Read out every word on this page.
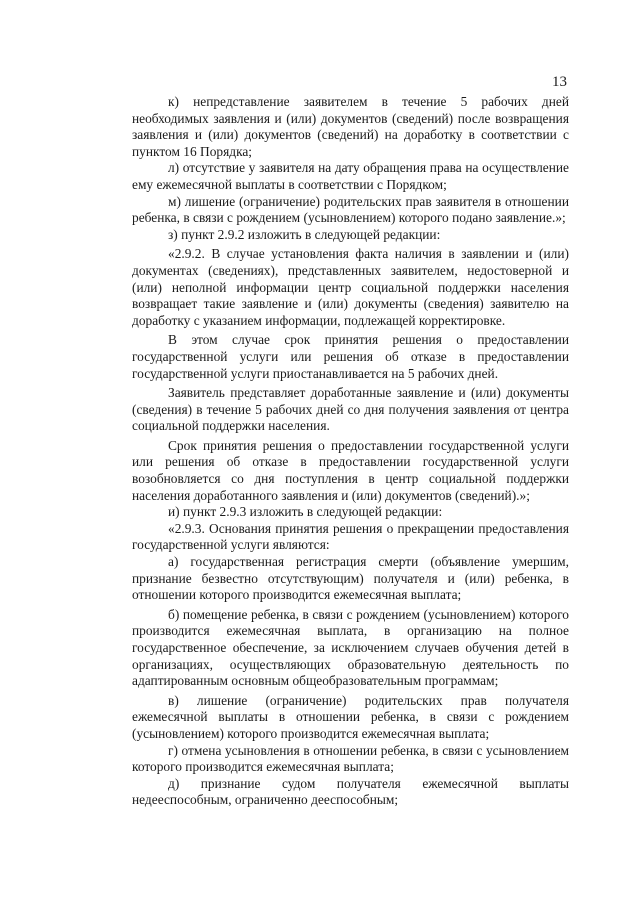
13

к) непредставление заявителем в течение 5 рабочих дней необходимых заявления и (или) документов (сведений) после возвращения заявления и (или) документов (сведений) на доработку в соответствии с пунктом 16 Порядка;

л) отсутствие у заявителя на дату обращения права на осуществление ему ежемесячной выплаты в соответствии с Порядком;

м) лишение (ограничение) родительских прав заявителя в отношении ребенка, в связи с рождением (усыновлением) которого подано заявление.»;

з) пункт 2.9.2 изложить в следующей редакции:

«2.9.2. В случае установления факта наличия в заявлении и (или) документах (сведениях), представленных заявителем, недостоверной и (или) неполной информации центр социальной поддержки населения возвращает такие заявление и (или) документы (сведения) заявителю на доработку с указанием информации, подлежащей корректировке.

В этом случае срок принятия решения о предоставлении государственной услуги или решения об отказе в предоставлении государственной услуги приостанавливается на 5 рабочих дней.

Заявитель представляет доработанные заявление и (или) документы (сведения) в течение 5 рабочих дней со дня получения заявления от центра социальной поддержки населения.

Срок принятия решения о предоставлении государственной услуги или решения об отказе в предоставлении государственной услуги возобновляется со дня поступления в центр социальной поддержки населения доработанного заявления и (или) документов (сведений).»;

и) пункт 2.9.3 изложить в следующей редакции:

«2.9.3. Основания принятия решения о прекращении предоставления государственной услуги являются:

а) государственная регистрация смерти (объявление умершим, признание безвестно отсутствующим) получателя и (или) ребенка, в отношении которого производится ежемесячная выплата;

б) помещение ребенка, в связи с рождением (усыновлением) которого производится ежемесячная выплата, в организацию на полное государственное обеспечение, за исключением случаев обучения детей в организациях, осуществляющих образовательную деятельность по адаптированным основным общеобразовательным программам;

в) лишение (ограничение) родительских прав получателя ежемесячной выплаты в отношении ребенка, в связи с рождением (усыновлением) которого производится ежемесячная выплата;

г) отмена усыновления в отношении ребенка, в связи с усыновлением которого производится ежемесячная выплата;

д) признание судом получателя ежемесячной выплаты недееспособным, ограниченно дееспособным;
